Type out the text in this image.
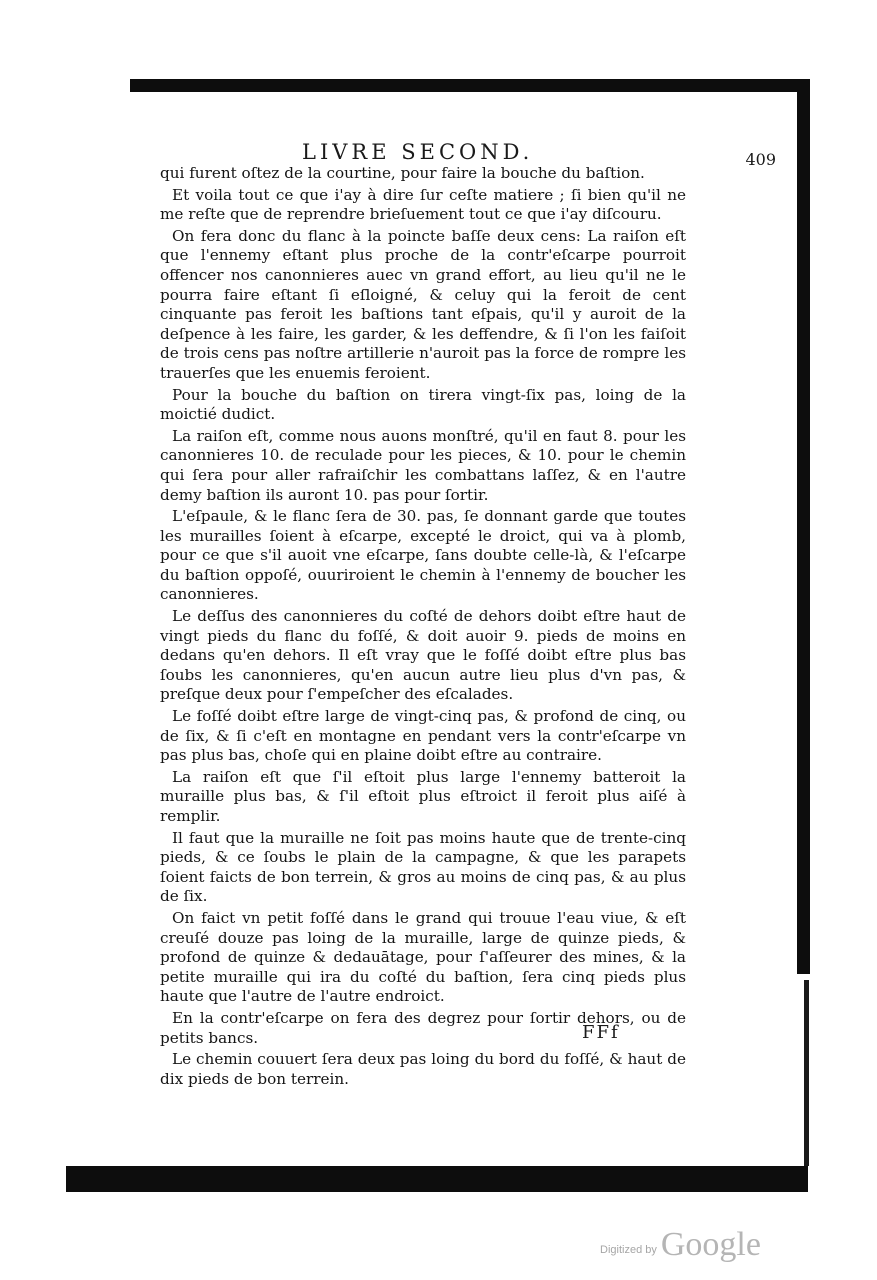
LIVRE SECOND.	409

qui furent oſtez de la courtine, pour faire la bouche du baſtion.

Et voila tout ce que i'ay à dire ſur ceſte matiere ; ſi bien qu'il ne me reſte que de reprendre brieſuement tout ce que i'ay diſcouru.

On fera donc du flanc à la poincte baſſe deux cens: La raiſon eſt que l'ennemy eſtant plus proche de la contr'eſcarpe pourroit offencer nos canonnieres auec vn grand effort, au lieu qu'il ne le pourra faire eſtant ſi eſloigné, & celuy qui la feroit de cent cinquante pas feroit les baſtions tant eſpais, qu'il y auroit de la deſpence à les faire, les garder, & les deffendre, & ſi l'on les faiſoit de trois cens pas noſtre artillerie n'auroit pas la force de rompre les trauerſes que les enuemis feroient.

Pour la bouche du baſtion on tirera vingt-ſix pas, loing de la moictié dudict.

La raiſon eſt, comme nous auons monſtré, qu'il en faut 8. pour les canonnieres 10. de reculade pour les pieces, & 10. pour le chemin qui ſera pour aller rafraiſchir les combattans laſſez, & en l'autre demy baſtion ils auront 10. pas pour ſortir.

L'eſpaule, & le flanc ſera de 30. pas, ſe donnant garde que toutes les murailles ſoient à eſcarpe, excepté le droict, qui va à plomb, pour ce que s'il auoit vne eſcarpe, ſans doubte celle-là, & l'eſcarpe du baſtion oppoſé, ouuriroient le chemin à l'ennemy de boucher les canonnieres.

Le deſſus des canonnieres du coſté de dehors doibt eſtre haut de vingt pieds du flanc du foſſé, & doit auoir 9. pieds de moins en dedans qu'en dehors. Il eſt vray que le foſſé doibt eſtre plus bas ſoubs les canonnieres, qu'en aucun autre lieu plus d'vn pas, & preſque deux pour ſ'empeſcher des eſcalades.

Le foſſé doibt eſtre large de vingt-cinq pas, & profond de cinq, ou de ſix, & ſi c'eſt en montagne en pendant vers la contr'eſcarpe vn pas plus bas, choſe qui en plaine doibt eſtre au contraire.

La raiſon eſt que ſ'il eſtoit plus large l'ennemy batteroit la muraille plus bas, & ſ'il eſtoit plus eſtroict il feroit plus aiſé à remplir.

Il faut que la muraille ne ſoit pas moins haute que de trente-cinq pieds, & ce ſoubs le plain de la campagne, & que les parapets ſoient faicts de bon terrein, & gros au moins de cinq pas, & au plus de ſix.

On faict vn petit foſſé dans le grand qui trouue l'eau viue, & eſt creuſé douze pas loing de la muraille, large de quinze pieds, & profond de quinze & dedauātage, pour ſ'aſſeurer des mines, & la petite muraille qui ira du coſté du baſtion, ſera cinq pieds plus haute que l'autre de l'autre endroict.

En la contr'eſcarpe on fera des degrez pour ſortir dehors, ou de petits bancs.

Le chemin couuert ſera deux pas loing du bord du foſſé, & haut de dix pieds de bon terrein.

FFf
Digitized by Google
